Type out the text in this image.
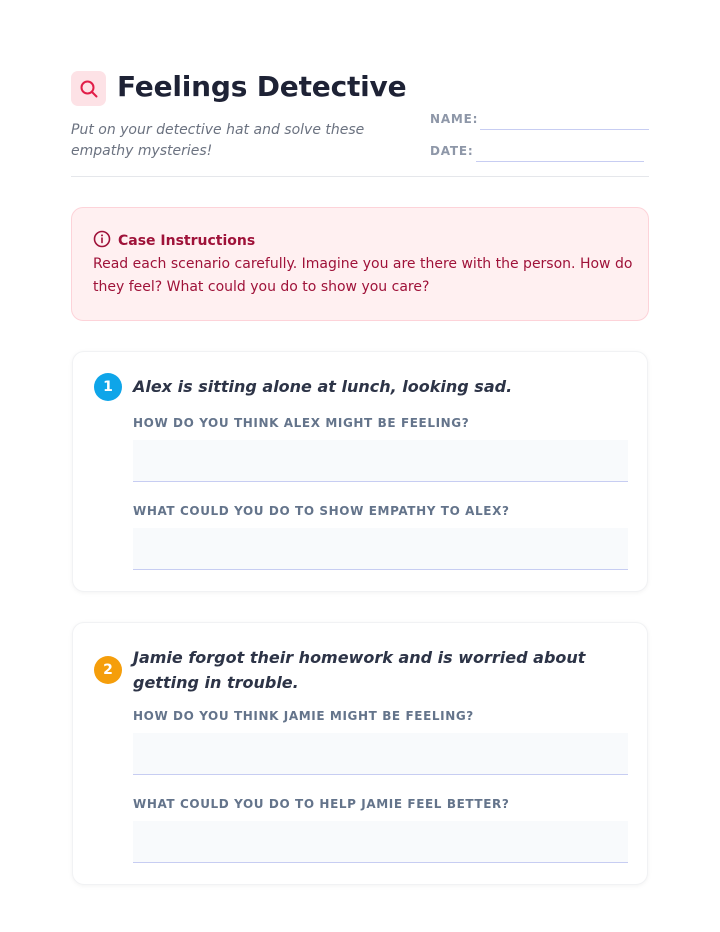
Feelings Detective
Put on your detective hat and solve these empathy mysteries!
NAME:
DATE:
Case Instructions
Read each scenario carefully. Imagine you are there with the person. How do they feel? What could you do to show you care?
1	Alex is sitting alone at lunch, looking sad.
HOW DO YOU THINK ALEX MIGHT BE FEELING?
WHAT COULD YOU DO TO SHOW EMPATHY TO ALEX?
2
Jamie forgot their homework and is worried about getting in trouble.
HOW DO YOU THINK JAMIE MIGHT BE FEELING?
WHAT COULD YOU DO TO HELP JAMIE FEEL BETTER?
